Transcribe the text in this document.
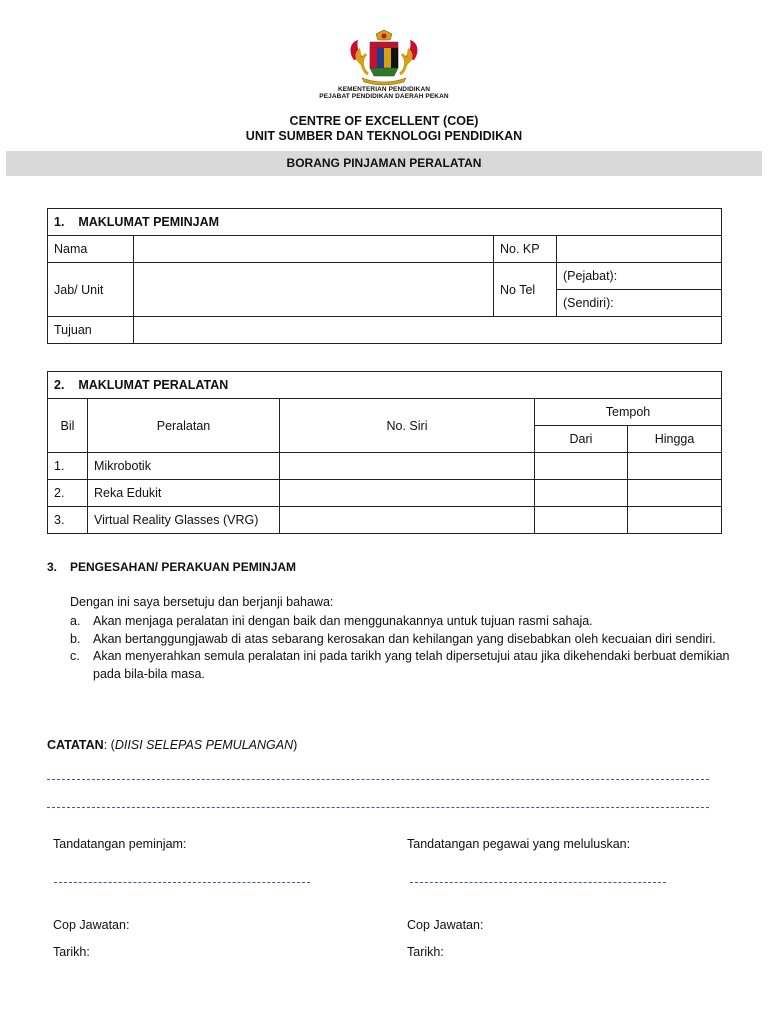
KEMENTERIAN PENDIDIKAN
PEJABAT PENDIDIKAN DAERAH PEKAN
CENTRE OF EXCELLENT (COE)
UNIT SUMBER DAN TEKNOLOGI PENDIDIKAN
BORANG PINJAMAN PERALATAN
1.    MAKLUMAT PEMINJAM			
Nama		No. KP	
Jab/ Unit		No Tel	(Pejabat):
			(Sendiri):
Tujuan			
2.    MAKLUMAT PERALATAN				
Bil	Peralatan	No. Siri	Tempoh	
			Dari	Hingga
1.	Mikrobotik			
2.	Reka Edukit			
3.	Virtual Reality Glasses (VRG)			
3. PENGESAHAN/ PERAKUAN PEMINJAM
Dengan ini saya bersetuju dan berjanji bahawa:
a.	Akan menjaga peralatan ini dengan baik dan menggunakannya untuk tujuan rasmi sahaja.
b.	Akan bertanggungjawab di atas sebarang kerosakan dan kehilangan yang disebabkan oleh kecuaian diri sendiri.
c.	Akan menyerahkan semula peralatan ini pada tarikh yang telah dipersetujui atau jika dikehendaki berbuat demikian pada bila-bila masa.
CATATAN: (DIISI SELEPAS PEMULANGAN)
Tandatangan peminjam:	Tandatangan pegawai yang meluluskan:
Cop Jawatan:	Cop Jawatan:
Tarikh:	Tarikh:
